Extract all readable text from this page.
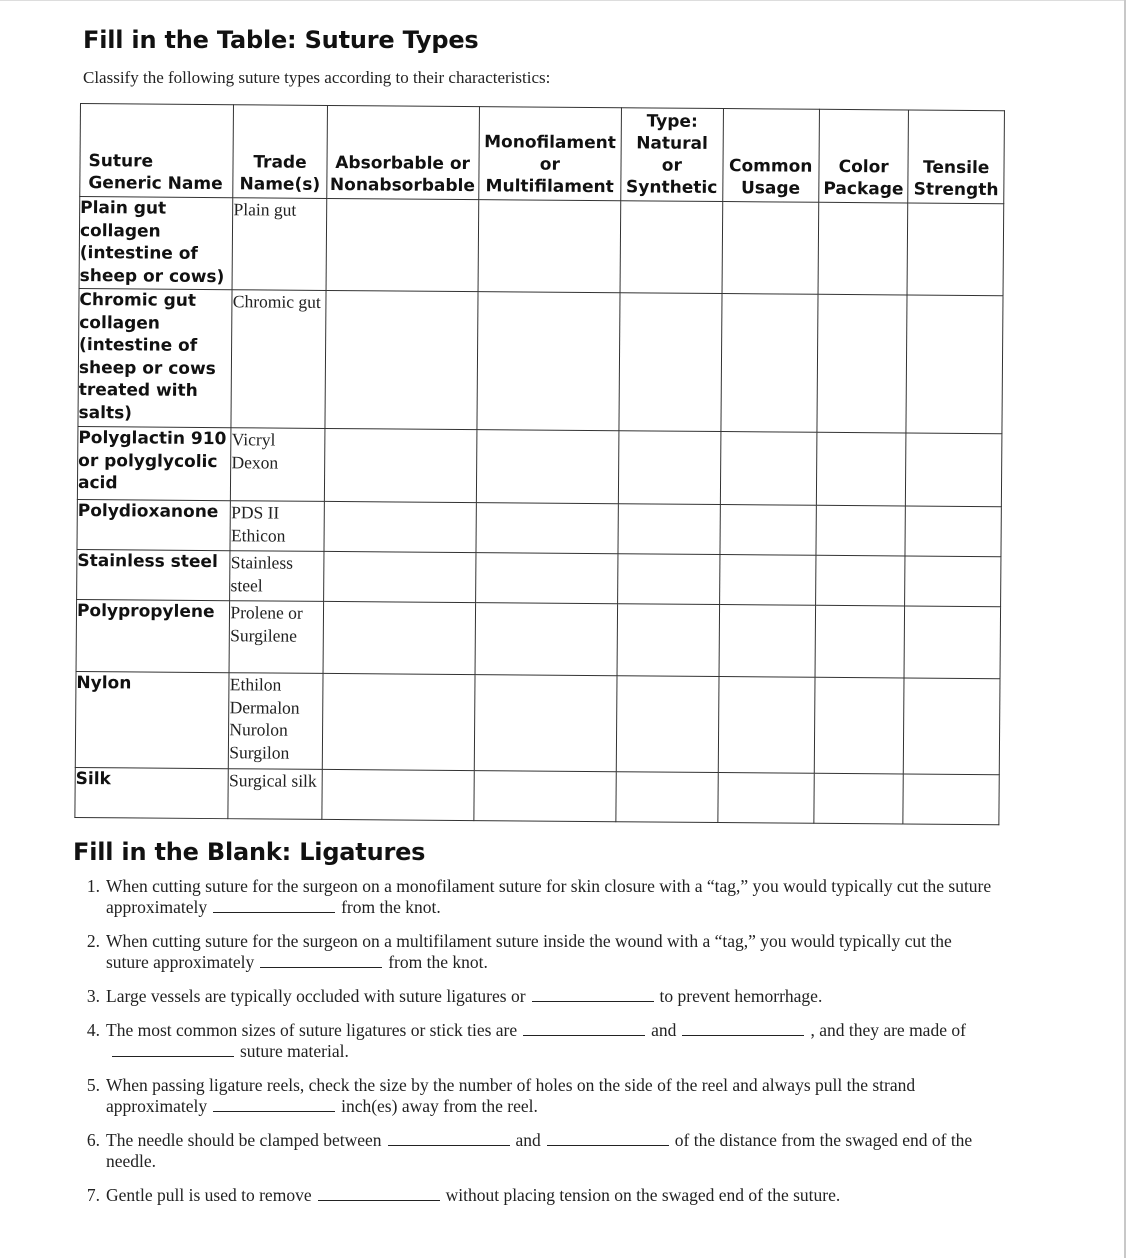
Fill in the Table: Suture Types
Classify the following suture types according to their characteristics:
Suture Generic Name	Trade Name(s)	Absorbable or Nonabsorbable	Monofilament or Multifilament	Type: Natural or Synthetic	Common Usage	Color Package	Tensile Strength
Plain gut collagen (intestine of sheep or cows)	Plain gut						
Chromic gut collagen (intestine of sheep or cows treated with salts)	Chromic gut						
Polyglactin 910 or polyglycolic acid	Vicryl Dexon						
Polydioxanone	PDS II Ethicon						
Stainless steel	Stainless steel						
Polypropylene	Prolene or Surgilene						
Nylon	Ethilon Dermalon Nurolon Surgilon						
Silk	Surgical silk						
Fill in the Blank: Ligatures
1. When cutting suture for the surgeon on a monofilament suture for skin closure with a “tag,” you would typically cut the suture approximately	from the knot.
2. When cutting suture for the surgeon on a multifilament suture inside the wound with a “tag,” you would typically cut the suture approximately	from the knot.
3. Large vessels are typically occluded with suture ligatures or	to prevent hemorrhage.
4. The most common sizes of suture ligatures or stick ties are	and	, and they are made ofsuture material.
5. When passing ligature reels, check the size by the number of holes on the side of the reel and always pull the strand approximately	inch(es) away from the reel.
6. The needle should be clamped between	and	of the distance from the swaged end of the needle.
7. Gentle pull is used to remove	without placing tension on the swaged end of the suture.
